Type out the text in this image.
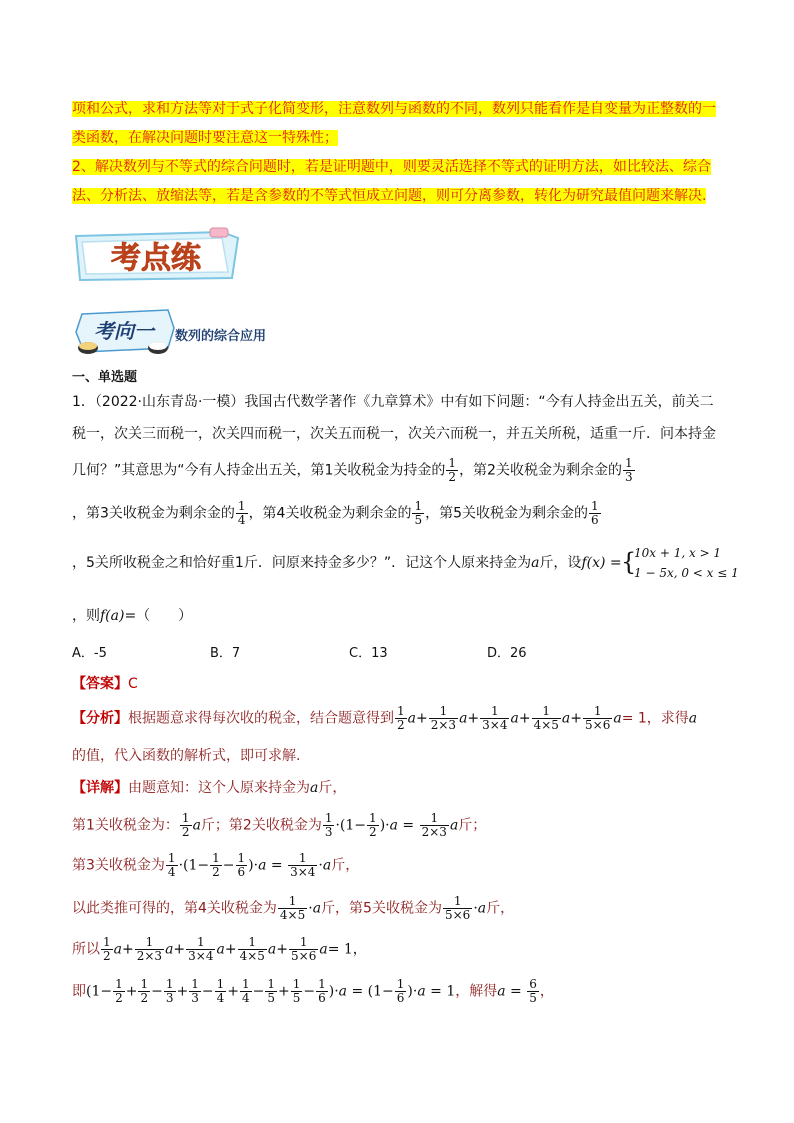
项和公式，求和方法等对于式子化简变形，注意数列与函数的不同，数列只能看作是自变量为正整数的一
类函数，在解决问题时要注意这一特殊性；
2、解决数列与不等式的综合问题时，若是证明题中，则要灵活选择不等式的证明方法，如比较法、综合
法、分析法、放缩法等，若是含参数的不等式恒成立问题，则可分离参数，转化为研究最值问题来解决.
考点练
考向一 数列的综合应用
一、单选题
1．（2022·山东青岛·一模）我国古代数学著作《九章算术》中有如下问题：“今有人持金出五关，前关二
税一，次关三而税一，次关四而税一，次关五而税一，次关六而税一，并五关所税，适重一斤．问本持金
几何？”其意思为“今有人持金出五关，第1关收税金为持金的 $\frac{1}{2}$ ，第2关收税金为剩余金的 $\frac{1}{3}$
，第3关收税金为剩余金的 $\frac{1}{4}$ ，第4关收税金为剩余金的 $\frac{1}{5}$ ，第5关收税金为剩余金的 $\frac{1}{6}$
，5关所收税金之和恰好重1斤．问原来持金多少？”．记这个人原来持金为a斤，设f(x) = {
10x + 1, x > 1
1 − 5x, 0 < x ≤ 1
，则f(a)=（　　）
A．-5	B．7	C．13	D．26
【答案】C
【分析】根据题意求得每次收的税金，结合题意得到 $\frac{1}{2} a+ \frac{1}{2\times 3} a+ \frac{1}{3\times 4} a+ \frac{1}{4\times 5} a+ \frac{1}{5\times 6} a= 1$，求得a
的值，代入函数的解析式，即可求解.
【详解】由题意知：这个人原来持金为a斤，
第1关收税金为： $\frac{1}{2}$ a斤；第2关收税金为 $\frac{1}{3} \cdot(1- \frac{1}{2} )\cdot a = \frac{1}{2\times 3}$ a斤；
第3关收税金为 $\frac{1}{4} \cdot(1- \frac{1}{2} - \frac{1}{6} )\cdot a = \frac{1}{3\times 4} \cdot a$斤，
以此类推可得的，第4关收税金为 $\frac{1}{4\times 5} \cdot a$斤，第5关收税金为 $\frac{1}{5\times 6} \cdot a$斤，
所以 $\frac{1}{2} a+ \frac{1}{2\times 3} a+ \frac{1}{3\times 4} a+ \frac{1}{4\times 5} a+ \frac{1}{5\times 6} a= 1$，
即$(1- \frac{1}{2} + \frac{1}{2} - \frac{1}{3} + \frac{1}{3} - \frac{1}{4} + \frac{1}{4} - \frac{1}{5} + \frac{1}{5} - \frac{1}{6} )\cdot a = (1- \frac{1}{6} )\cdot a = 1$，解得$a = \frac{6}{5}$ ，
